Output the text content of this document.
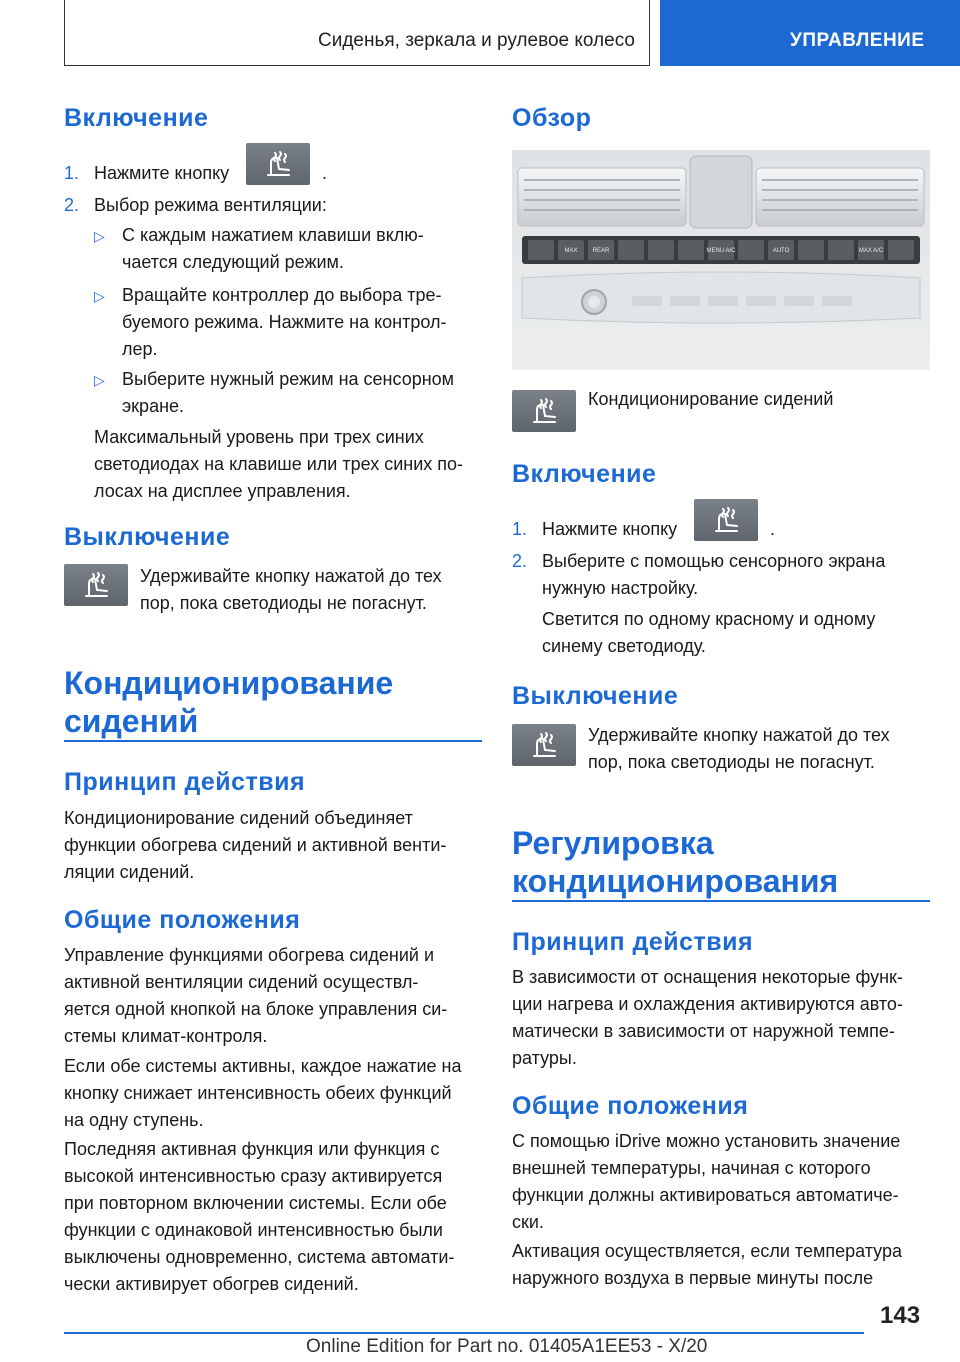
Сиденья, зеркала и рулевое колесо	УПРАВЛЕНИЕ
Включение
1. Нажмите кнопку	.
2. Выбор режима вентиляции:
▷ С каждым нажатием клавиши вклю-
чается следующий режим.
▷ Вращайте контроллер до выбора тре-
буемого режима. Нажмите на контрол-
лер.
▷ Выберите нужный режим на сенсорном
экране.
Максимальный уровень при трех синих
светодиодах на клавише или трех синих по-
лосах на дисплее управления.
Выключение
Удерживайте кнопку нажатой до тех
пор, пока светодиоды не погаснут.
Кондиционирование
сидений
Принцип действия
Кондиционирование сидений объединяет
функции обогрева сидений и активной венти-
ляции сидений.
Общие положения
Управление функциями обогрева сидений и
активной вентиляции сидений осуществл-
яется одной кнопкой на блоке управления си-
стемы климат-контроля.
Если обе системы активны, каждое нажатие на
кнопку снижает интенсивность обеих функций
на одну ступень.
Последняя активная функция или функция с
высокой интенсивностью сразу активируется
при повторном включении системы. Если обе
функции с одинаковой интенсивностью были
выключены одновременно, система автомати-
чески активирует обогрев сидений.
Обзор
MAX	REAR	MENU A/C	AUTO	MAX A/C
Кондиционирование сидений
Включение
1. Нажмите кнопку	.
2. Выберите с помощью сенсорного экрана
нужную настройку.
Светится по одному красному и одному
синему светодиоду.
Выключение
Удерживайте кнопку нажатой до тех
пор, пока светодиоды не погаснут.
Регулировка
кондиционирования
Принцип действия
В зависимости от оснащения некоторые функ-
ции нагрева и охлаждения активируются авто-
матически в зависимости от наружной темпе-
ратуры.
Общие положения
С помощью iDrive можно установить значение
внешней температуры, начиная с которого
функции должны активироваться автоматиче-
ски.
Активация осуществляется, если температура
наружного воздуха в первые минуты после
143
Online Edition for Part no. 01405A1EE53 - X/20
